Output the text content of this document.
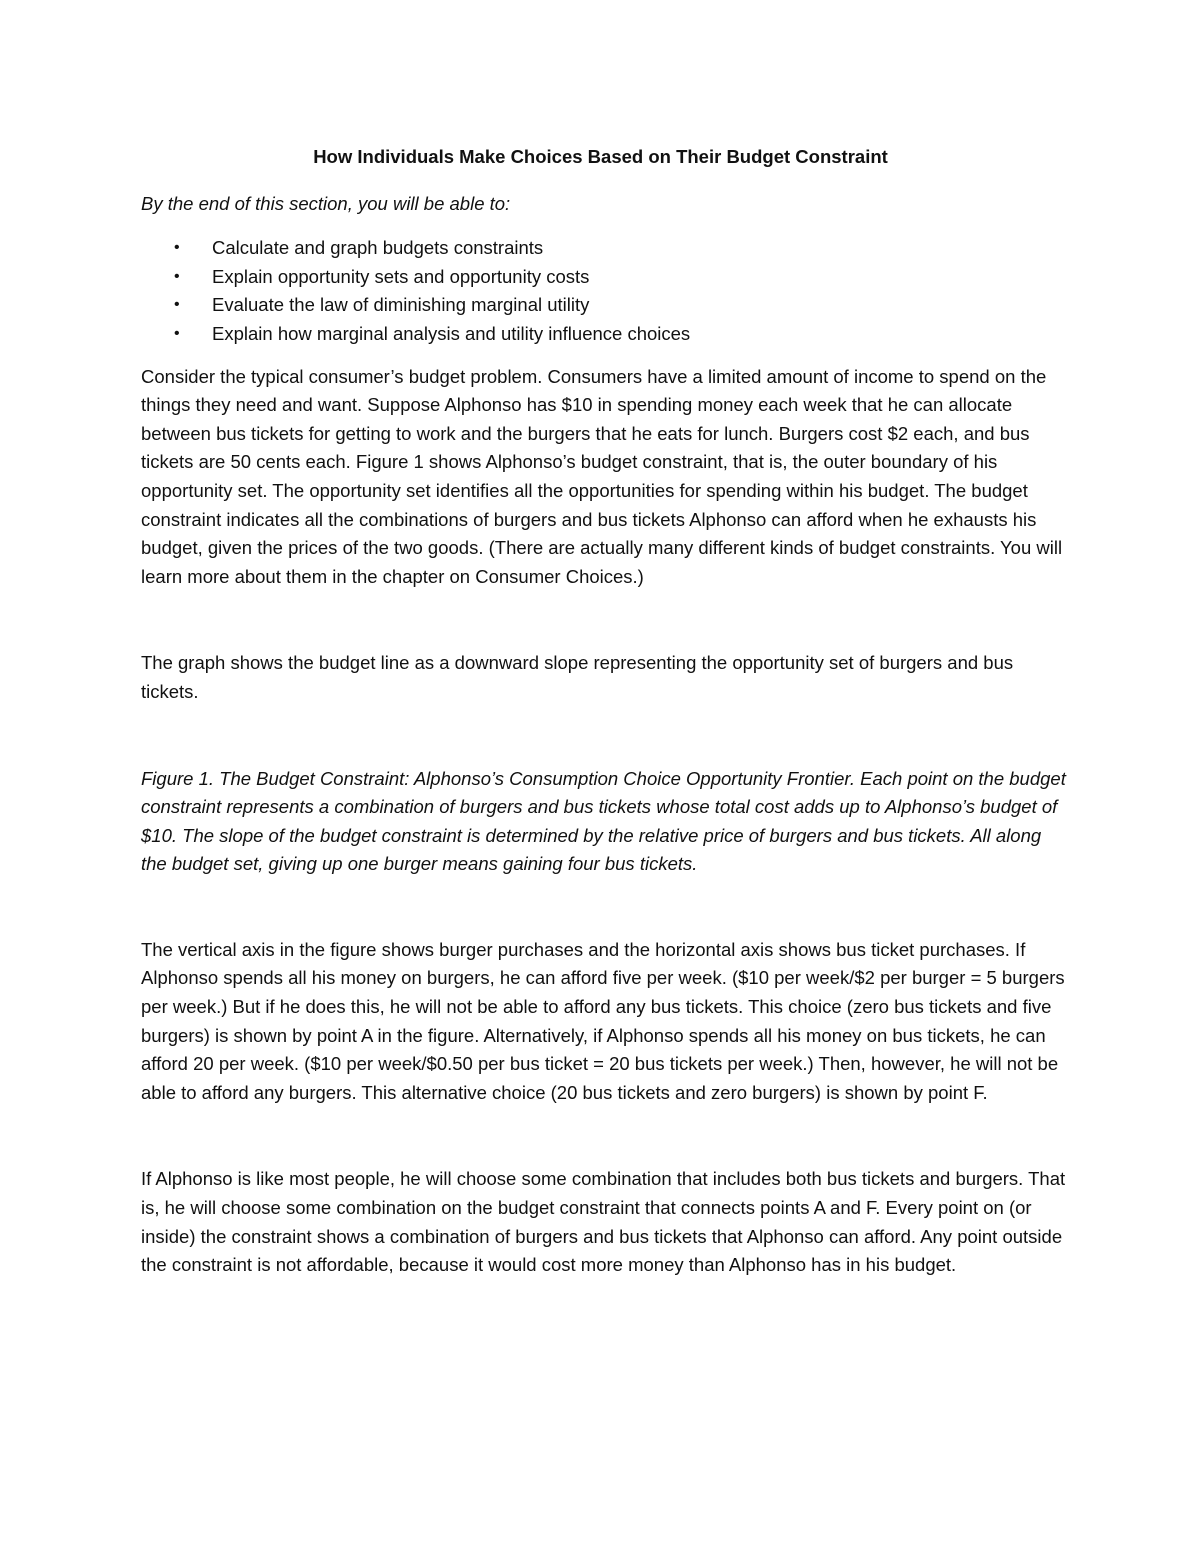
How Individuals Make Choices Based on Their Budget Constraint
By the end of this section, you will be able to:
• Calculate and graph budgets constraints
• Explain opportunity sets and opportunity costs
• Evaluate the law of diminishing marginal utility
• Explain how marginal analysis and utility influence choices

Consider the typical consumer’s budget problem. Consumers have a limited amount of income to spend on the things they need and want. Suppose Alphonso has $10 in spending money each week that he can allocate between bus tickets for getting to work and the burgers that he eats for lunch. Burgers cost $2 each, and bus tickets are 50 cents each. Figure 1 shows Alphonso’s budget constraint, that is, the outer boundary of his opportunity set. The opportunity set identifies all the opportunities for spending within his budget. The budget constraint indicates all the combinations of burgers and bus tickets Alphonso can afford when he exhausts his budget, given the prices of the two goods. (There are actually many different kinds of budget constraints. You will learn more about them in the chapter on Consumer Choices.)

The graph shows the budget line as a downward slope representing the opportunity set of burgers and bus tickets.

Figure 1. The Budget Constraint: Alphonso’s Consumption Choice Opportunity Frontier. Each point on the budget constraint represents a combination of burgers and bus tickets whose total cost adds up to Alphonso’s budget of $10. The slope of the budget constraint is determined by the relative price of burgers and bus tickets. All along the budget set, giving up one burger means gaining four bus tickets.

The vertical axis in the figure shows burger purchases and the horizontal axis shows bus ticket purchases. If Alphonso spends all his money on burgers, he can afford five per week. ($10 per week/$2 per burger = 5 burgers per week.) But if he does this, he will not be able to afford any bus tickets. This choice (zero bus tickets and five burgers) is shown by point A in the figure. Alternatively, if Alphonso spends all his money on bus tickets, he can afford 20 per week. ($10 per week/$0.50 per bus ticket = 20 bus tickets per week.) Then, however, he will not be able to afford any burgers. This alternative choice (20 bus tickets and zero burgers) is shown by point F.

If Alphonso is like most people, he will choose some combination that includes both bus tickets and burgers. That is, he will choose some combination on the budget constraint that connects points A and F. Every point on (or inside) the constraint shows a combination of burgers and bus tickets that Alphonso can afford. Any point outside the constraint is not affordable, because it would cost more money than Alphonso has in his budget.
